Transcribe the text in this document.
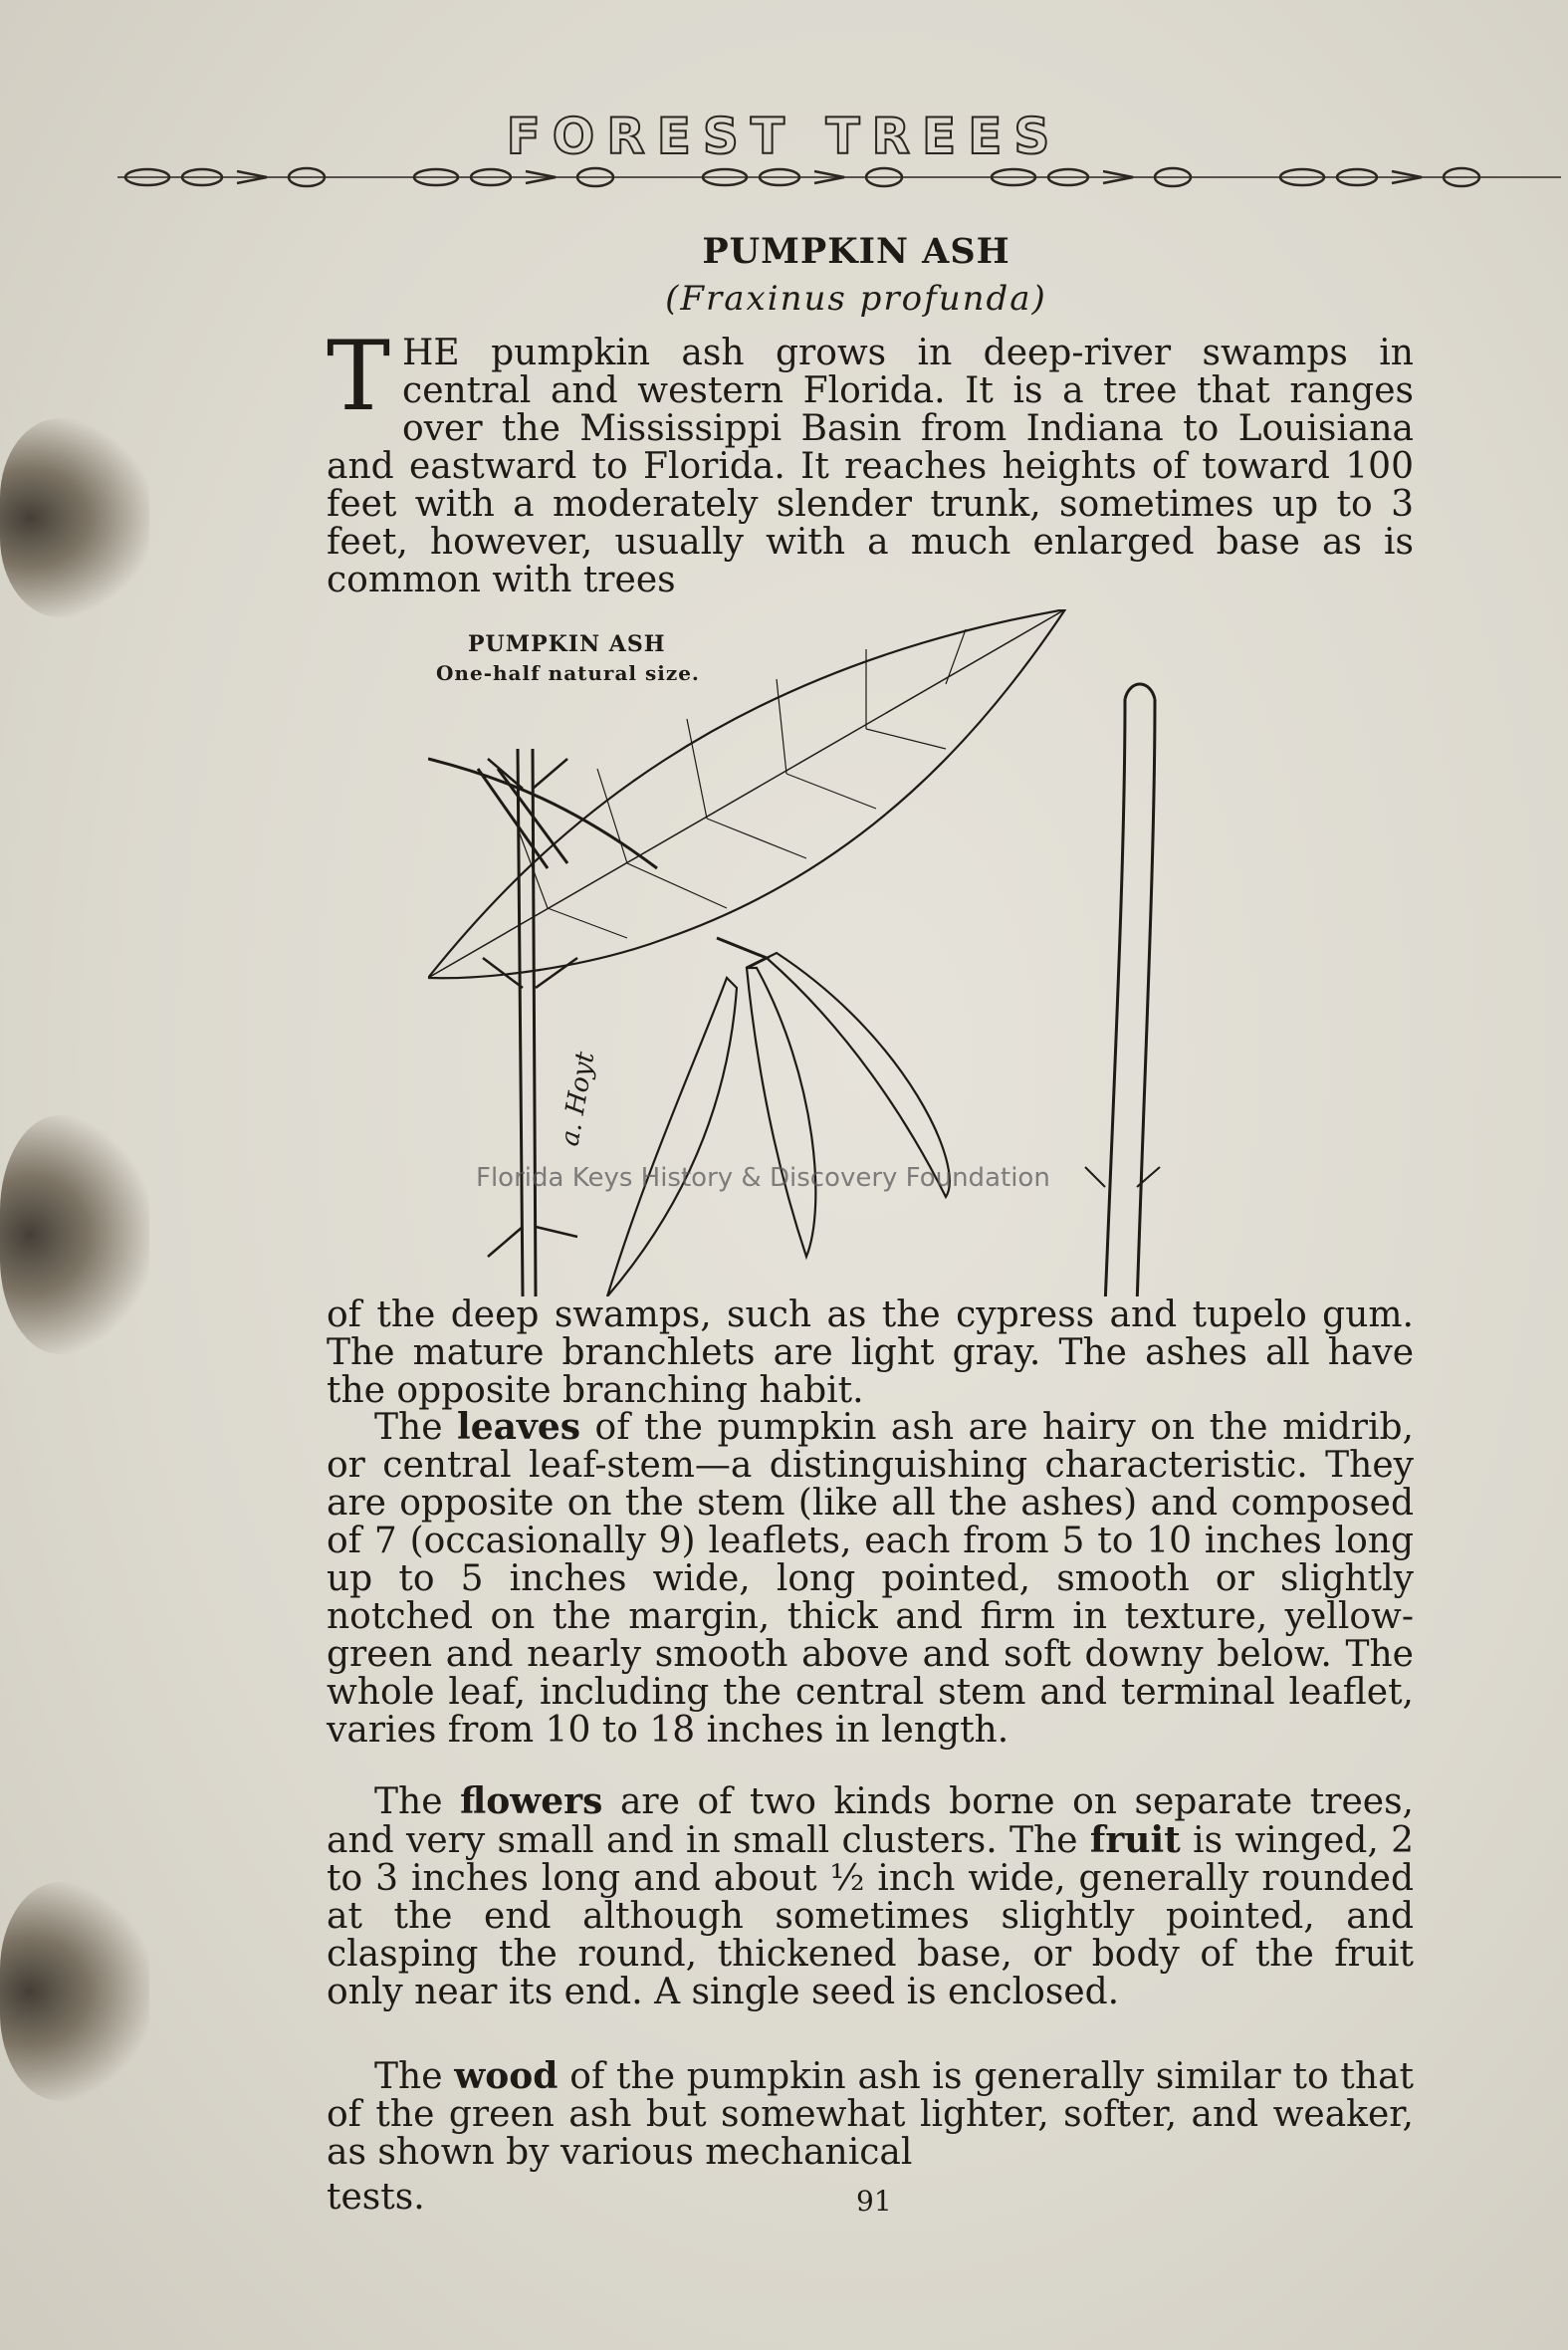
FOREST TREES
PUMPKIN ASH
(Fraxinus profunda)

THE pumpkin ash grows in deep-river swamps in central and western Florida. It is a tree that ranges over the Mississippi Basin from Indiana to Louisiana and eastward to Florida. It reaches heights of toward 100 feet with a moderately slender trunk, sometimes up to 3 feet, however, usually with a much enlarged base as is common with trees

a. Hoyt
PUMPKIN ASH
One-half natural size.
Florida Keys History & Discovery Foundation

of the deep swamps, such as the cypress and tupelo gum. The mature branchlets are light gray. The ashes all have the opposite branching habit.

The leaves of the pumpkin ash are hairy on the midrib, or central leaf-stem—a distinguishing characteristic. They are opposite on the stem (like all the ashes) and composed of 7 (occasionally 9) leaflets, each from 5 to 10 inches long up to 5 inches wide, long pointed, smooth or slightly notched on the margin, thick and firm in texture, yellow-green and nearly smooth above and soft downy below. The whole leaf, including the central stem and terminal leaflet, varies from 10 to 18 inches in length.

The flowers are of two kinds borne on separate trees, and very small and in small clusters. The fruit is winged, 2 to 3 inches long and about ½ inch wide, generally rounded at the end although sometimes slightly pointed, and clasping the round, thickened base, or body of the fruit only near its end. A single seed is enclosed.

The wood of the pumpkin ash is generally similar to that of the green ash but somewhat lighter, softer, and weaker, as shown by various mechanical

tests.	91
